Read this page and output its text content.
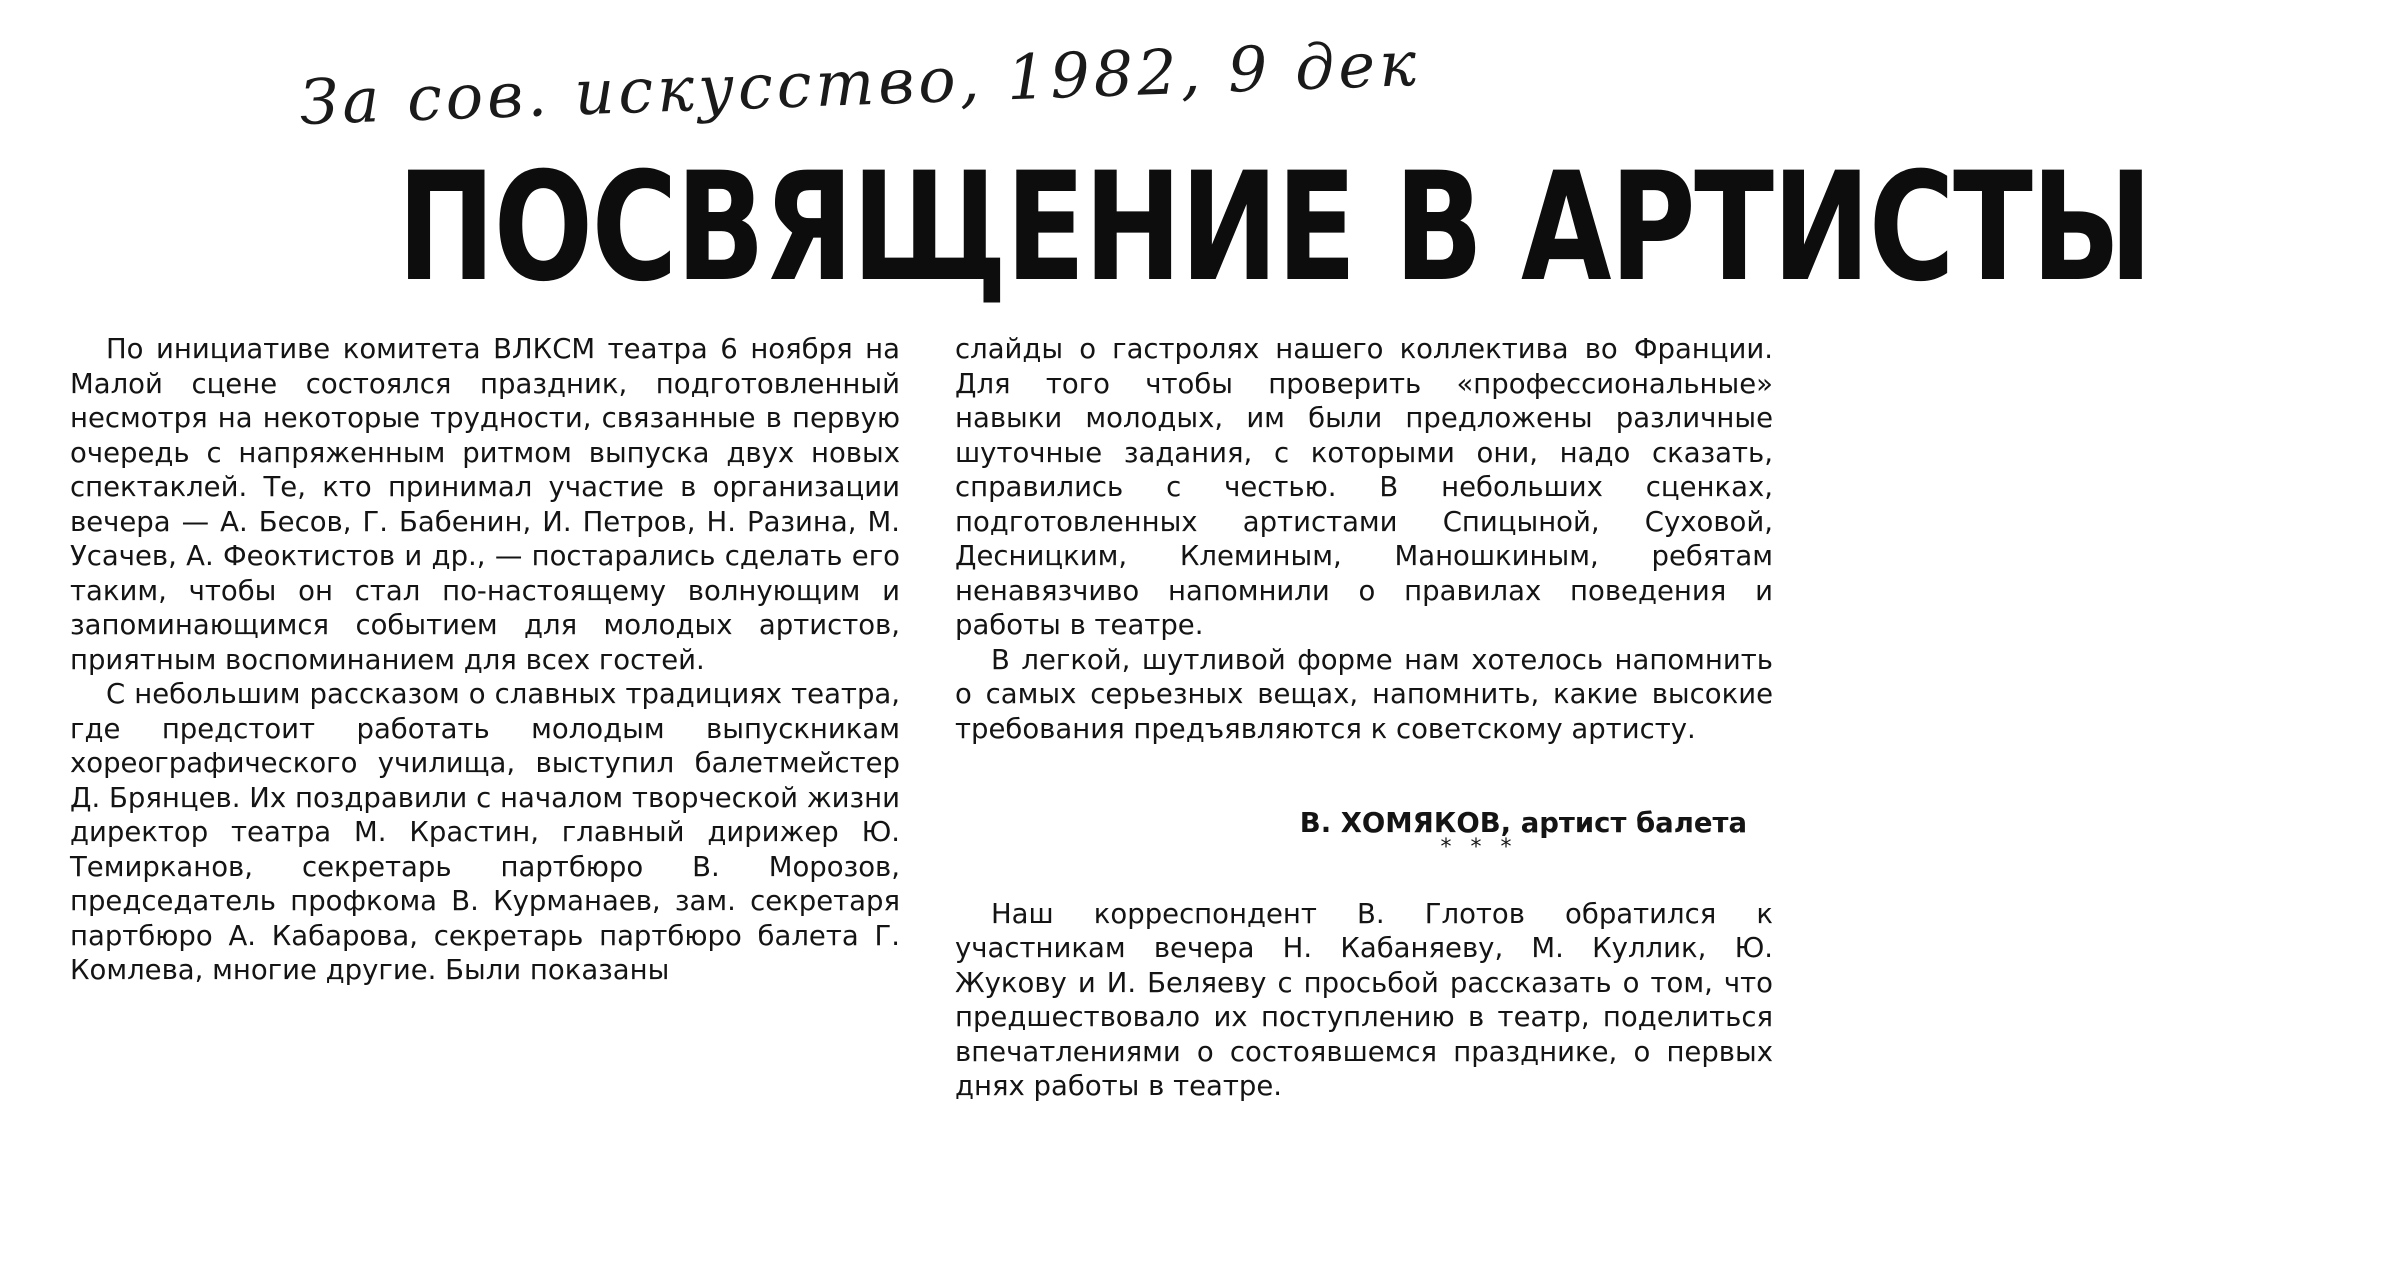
За сов. искусство, 1982, 9 дек
ПОСВЯЩЕНИЕ В АРТИСТЫ

По инициативе комитета ВЛКСМ театра 6 ноября на Малой сцене состоялся праздник, подготовленный несмотря на некоторые трудности, связанные в первую очередь с напряженным ритмом выпуска двух новых спектаклей. Те, кто принимал участие в организации вечера — А. Бесов, Г. Бабенин, И. Петров, Н. Разина, М. Усачев, А. Феоктистов и др., — постарались сделать его таким, чтобы он стал по-настоящему волнующим и запоминающимся событием для молодых артистов, приятным воспоминанием для всех гостей.

С небольшим рассказом о славных традициях театра, где предстоит работать молодым выпускникам хореографического училища, выступил балетмейстер Д. Брянцев. Их поздравили с началом творческой жизни директор театра М. Крастин, главный дирижер Ю. Темирканов, секретарь партбюро В. Морозов, председатель профкома В. Курманаев, зам. секретаря партбюро А. Кабарова, секретарь партбюро балета Г. Комлева, многие другие. Были показаны

слайды о гастролях нашего коллектива во Франции. Для того чтобы проверить «профессиональные» навыки молодых, им были предложены различные шуточные задания, с которыми они, надо сказать, справились с честью. В небольших сценках, подготовленных артистами Спицыной, Суховой, Десницким, Клеминым, Маношкиным, ребятам ненавязчиво напомнили о правилах поведения и работы в театре.

В легкой, шутливой форме нам хотелось напомнить о самых серьезных вещах, напомнить, какие высокие требования предъявляются к советскому артисту.

В. ХОМЯКОВ, артист балета
* * *

Наш корреспондент В. Глотов обратился к участникам вечера Н. Кабаняеву, М. Куллик, Ю. Жукову и И. Беляеву с просьбой рассказать о том, что предшествовало их поступлению в театр, поделиться впечатлениями о состоявшемся празднике, о первых днях работы в театре.
